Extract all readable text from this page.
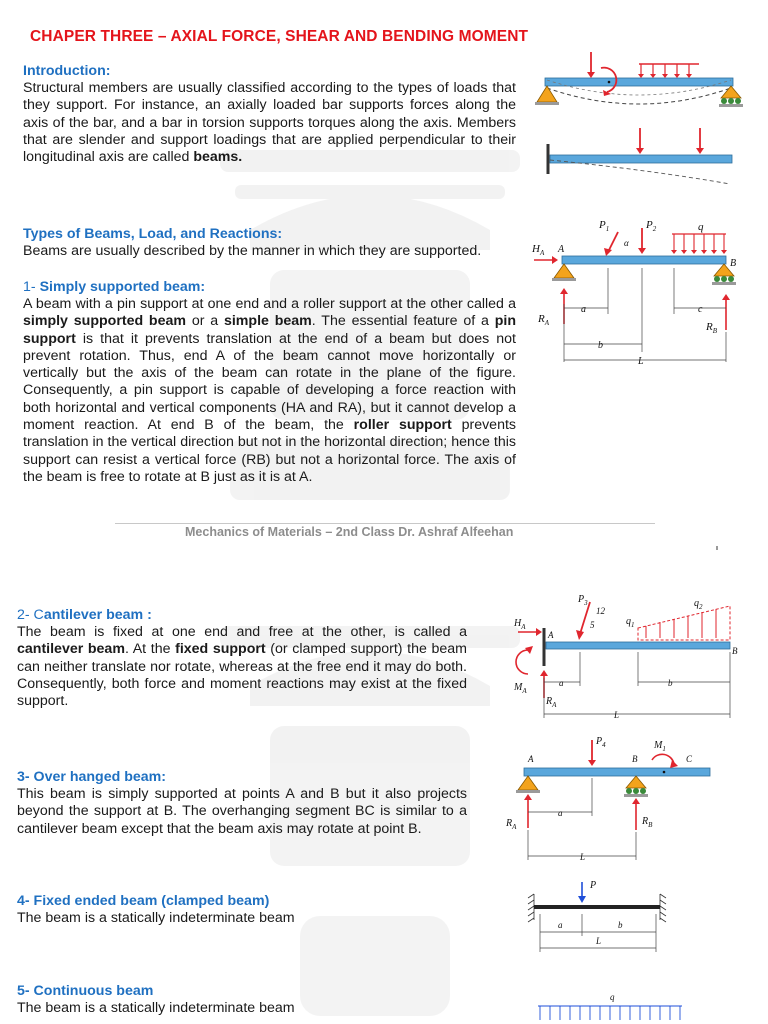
CHAPER THREE – AXIAL FORCE, SHEAR AND BENDING MOMENT
Introduction:

Structural members are usually classified according to the types of loads that they support. For instance, an axially loaded bar supports forces along the axis of the bar, and a bar in torsion supports torques along the axis. Members that are slender and support loadings that are applied perpendicular to their longitudinal axis are called beams.

Types of Beams, Load, and Reactions:

Beams are usually described by the manner in which they are supported.

1- Simply supported beam:

A beam with a pin support at one end and a roller support at the other called a simply supported beam or a simple beam. The essential feature of a pin support is that it prevents translation at the end of a beam but does not prevent rotation. Thus, end A of the beam cannot move horizontally or vertically but the axis of the beam can rotate in the plane of the figure. Consequently, a pin support is capable of developing a force reaction with both horizontal and vertical components (HA and RA), but it cannot develop a moment reaction. At end B of the beam, the roller support prevents translation in the vertical direction but not in the horizontal direction; hence this support can resist a vertical force (RB) but not a horizontal force. The axis of the beam is free to rotate at B just as it is at A.

Mechanics of Materials – 2nd Class Dr. Ashraf Alfeehan

$H_A$ A
B
$P_1$	$P_2$
α
q
a	c
b
L
$R_A$	$R_B$
2- Cantilever beam :

The beam is fixed at one end and free at the other, is called a cantilever beam. At the fixed support (or clamped support) the beam can neither translate nor rotate, whereas at the free end it may do both. Consequently, both force and moment reactions may exist at the fixed support.

3- Over hanged beam:

This beam is simply supported at points A and B but it also projects beyond the support at B. The overhanging segment BC is similar to a cantilever beam except that the beam axis may rotate at point B.

4- Fixed ended beam (clamped beam)

The beam is a statically indeterminate beam

5- Continuous beam

The beam is a statically indeterminate beam

$P_3$
12
5	$q_1$
$q_2$
$H_A$
A
B
$M_A$
$R_A$
a	b
L
$P_4$	$M_1$
A	B	C
$R_A$	$R_B$
a
L
P
a	b
L
q
